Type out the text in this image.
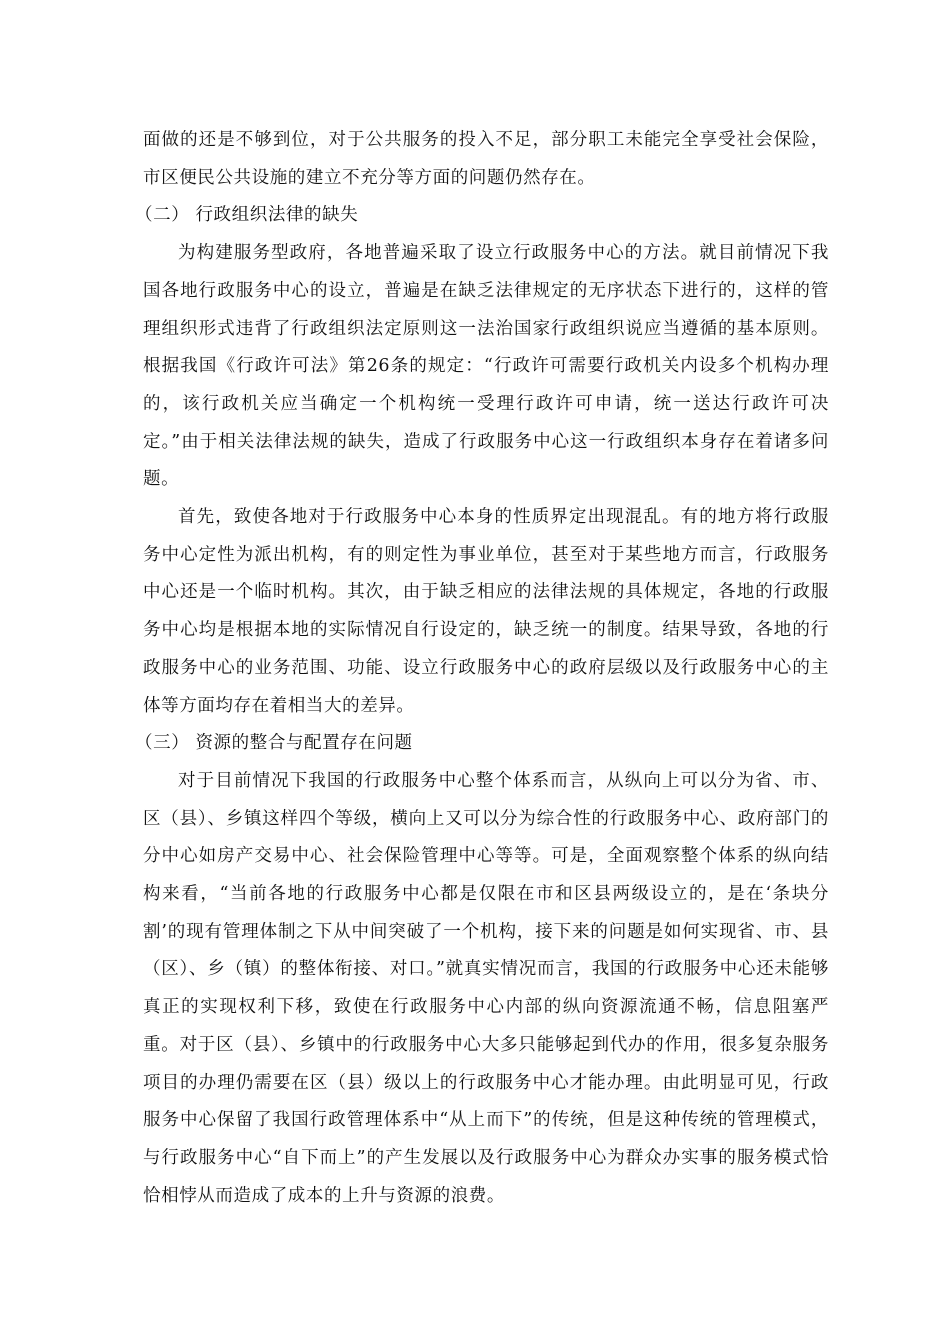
面做的还是不够到位，对于公共服务的投入不足，部分职工未能完全享受社会保险，市区便民公共设施的建立不充分等方面的问题仍然存在。

（二） 行政组织法律的缺失

为构建服务型政府，各地普遍采取了设立行政服务中心的方法。就目前情况下我国各地行政服务中心的设立，普遍是在缺乏法律规定的无序状态下进行的，这样的管理组织形式违背了行政组织法定原则这一法治国家行政组织说应当遵循的基本原则。根据我国《行政许可法》第26条的规定：“行政许可需要行政机关内设多个机构办理的，该行政机关应当确定一个机构统一受理行政许可申请，统一送达行政许可决定。”由于相关法律法规的缺失，造成了行政服务中心这一行政组织本身存在着诸多问题。

首先，致使各地对于行政服务中心本身的性质界定出现混乱。有的地方将行政服务中心定性为派出机构，有的则定性为事业单位，甚至对于某些地方而言，行政服务中心还是一个临时机构。其次，由于缺乏相应的法律法规的具体规定，各地的行政服务中心均是根据本地的实际情况自行设定的，缺乏统一的制度。结果导致，各地的行政服务中心的业务范围、功能、设立行政服务中心的政府层级以及行政服务中心的主体等方面均存在着相当大的差异。

（三） 资源的整合与配置存在问题

对于目前情况下我国的行政服务中心整个体系而言，从纵向上可以分为省、市、区（县）、乡镇这样四个等级，横向上又可以分为综合性的行政服务中心、政府部门的分中心如房产交易中心、社会保险管理中心等等。可是，全面观察整个体系的纵向结构来看，“当前各地的行政服务中心都是仅限在市和区县两级设立的，是在‘条块分割’的现有管理体制之下从中间突破了一个机构，接下来的问题是如何实现省、市、县（区）、乡（镇）的整体衔接、对口。”就真实情况而言，我国的行政服务中心还未能够真正的实现权利下移，致使在行政服务中心内部的纵向资源流通不畅，信息阻塞严重。对于区（县）、乡镇中的行政服务中心大多只能够起到代办的作用，很多复杂服务项目的办理仍需要在区（县）级以上的行政服务中心才能办理。由此明显可见，行政服务中心保留了我国行政管理体系中“从上而下”的传统，但是这种传统的管理模式，与行政服务中心“自下而上”的产生发展以及行政服务中心为群众办实事的服务模式恰恰相悖从而造成了成本的上升与资源的浪费。
